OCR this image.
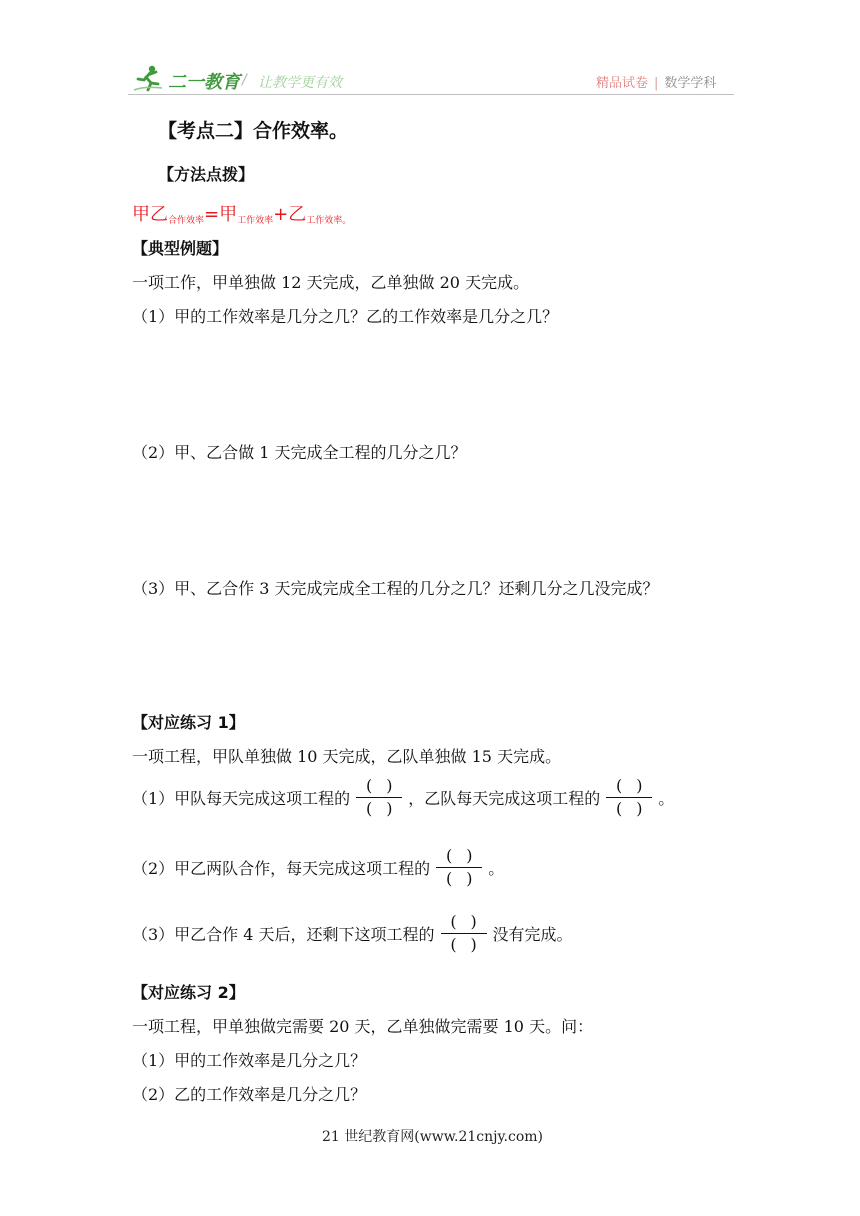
二一教育 / 让教学更有效	精品试卷 | 数学学科
【考点二】合作效率。
【方法点拨】
甲乙$_{合作效率}$=甲$_{工作效率}$+乙$_{工作效率。}$
【典型例题】
一项工作，甲单独做 12 天完成，乙单独做 20 天完成。
（1）甲的工作效率是几分之几？乙的工作效率是几分之几？
（2）甲、乙合做 1 天完成全工程的几分之几？
（3）甲、乙合作 3 天完成完成全工程的几分之几？还剩几分之几没完成？
【对应练习 1】
一项工程，甲队单独做 10 天完成，乙队单独做 15 天完成。
（1）甲队每天完成这项工程的 $\frac{()}{()}$ ，乙队每天完成这项工程的 $\frac{()}{()}$ 。
（2）甲乙两队合作，每天完成这项工程的 $\frac{()}{()}$ 。
（3）甲乙合作 4 天后，还剩下这项工程的 $\frac{()}{()}$ 没有完成。
【对应练习 2】
一项工程，甲单独做完需要 20 天，乙单独做完需要 10 天。问：
（1）甲的工作效率是几分之几？
（2）乙的工作效率是几分之几？
21 世纪教育网(www.21cnjy.com)
